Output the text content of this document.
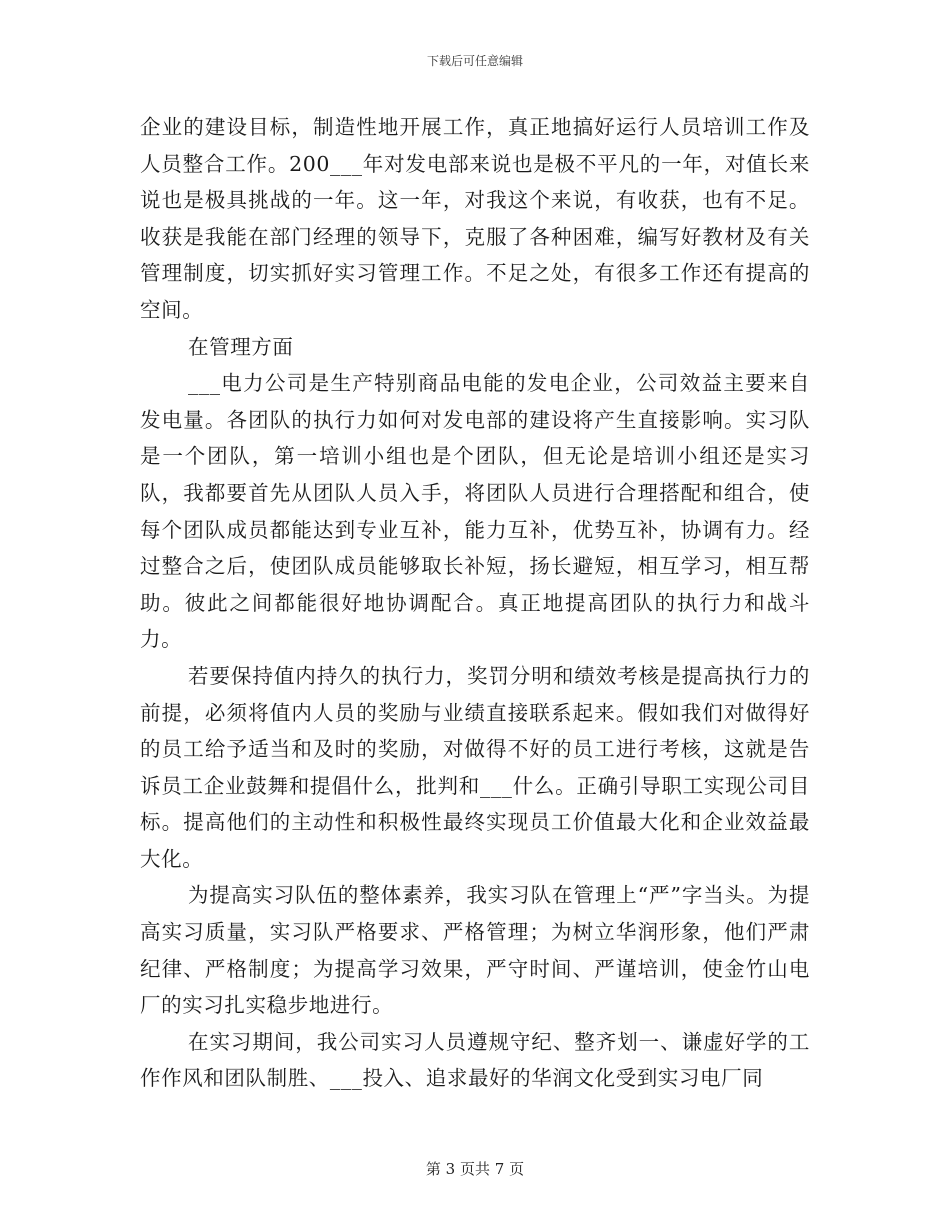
下载后可任意编辑

企业的建设目标，制造性地开展工作，真正地搞好运行人员培训工作及人员整合工作。200___年对发电部来说也是极不平凡的一年，对值长来说也是极具挑战的一年。这一年，对我这个来说，有收获，也有不足。收获是我能在部门经理的领导下，克服了各种困难，编写好教材及有关管理制度，切实抓好实习管理工作。不足之处，有很多工作还有提高的空间。

在管理方面

___电力公司是生产特别商品电能的发电企业，公司效益主要来自发电量。各团队的执行力如何对发电部的建设将产生直接影响。实习队是一个团队，第一培训小组也是个团队，但无论是培训小组还是实习队，我都要首先从团队人员入手，将团队人员进行合理搭配和组合，使每个团队成员都能达到专业互补，能力互补，优势互补，协调有力。经过整合之后，使团队成员能够取长补短，扬长避短，相互学习，相互帮助。彼此之间都能很好地协调配合。真正地提高团队的执行力和战斗力。

若要保持值内持久的执行力，奖罚分明和绩效考核是提高执行力的前提，必须将值内人员的奖励与业绩直接联系起来。假如我们对做得好的员工给予适当和及时的奖励，对做得不好的员工进行考核，这就是告诉员工企业鼓舞和提倡什么，批判和___什么。正确引导职工实现公司目标。提高他们的主动性和积极性最终实现员工价值最大化和企业效益最大化。

为提高实习队伍的整体素养，我实习队在管理上“严”字当头。为提高实习质量，实习队严格要求、严格管理；为树立华润形象，他们严肃纪律、严格制度；为提高学习效果，严守时间、严谨培训，使金竹山电厂的实习扎实稳步地进行。

在实习期间，我公司实习人员遵规守纪、整齐划一、谦虚好学的工作作风和团队制胜、___投入、追求最好的华润文化受到实习电厂同

第 3 页共 7 页
